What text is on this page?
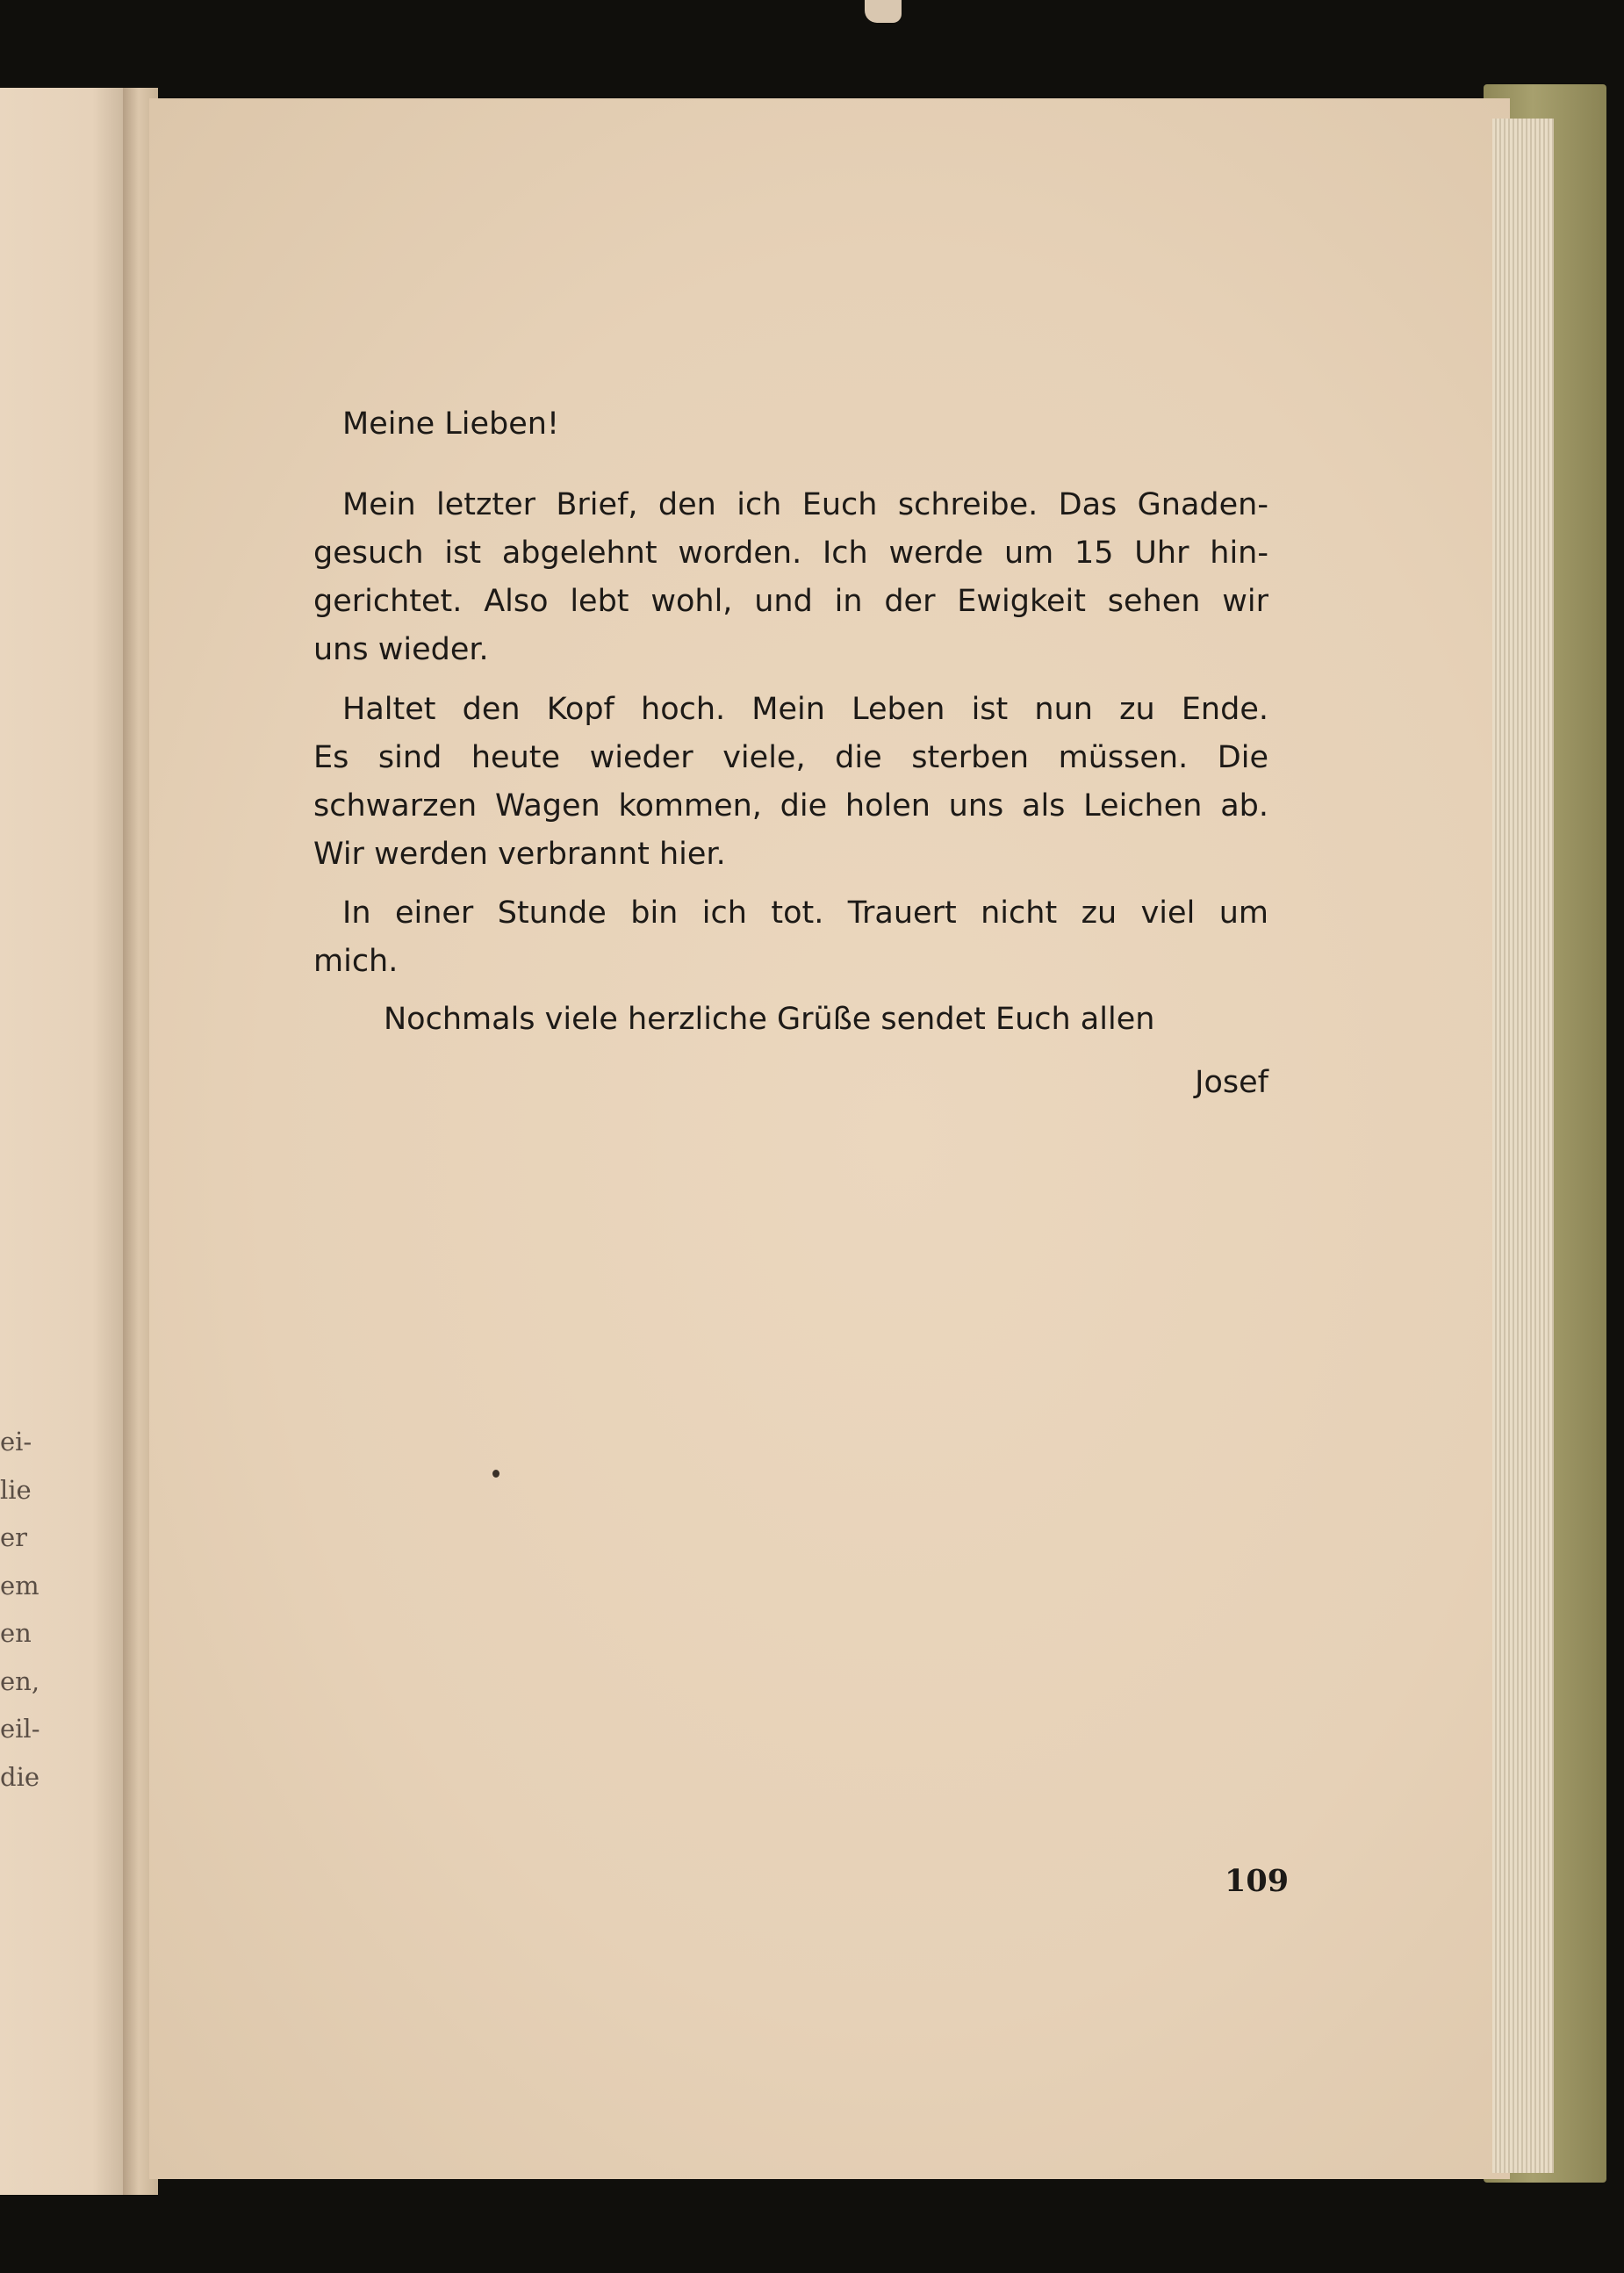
ei-
lie
er
em
en
en,
eil-
die
Meine Lieben!
Mein letzter Brief, den ich Euch schreibe. Das Gnaden-
gesuch ist abgelehnt worden. Ich werde um 15 Uhr hin-
gerichtet. Also lebt wohl, und in der Ewigkeit sehen wir
uns wieder.
Haltet den Kopf hoch. Mein Leben ist nun zu Ende.
Es sind heute wieder viele, die sterben müssen. Die
schwarzen Wagen kommen, die holen uns als Leichen ab.
Wir werden verbrannt hier.
In einer Stunde bin ich tot. Trauert nicht zu viel um
mich.
Nochmals viele herzliche Grüße sendet Euch allen
Josef
109
